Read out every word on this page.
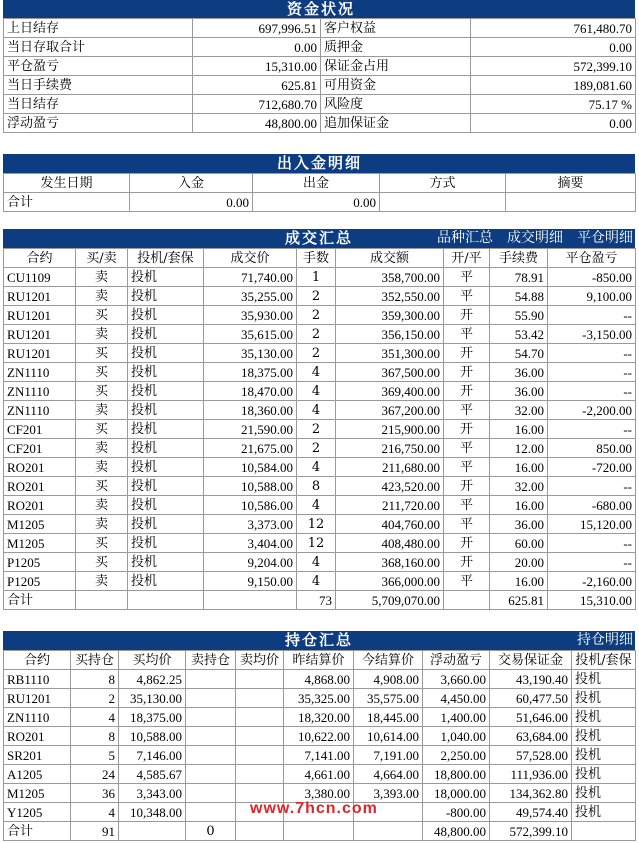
资金状况
上日结存	697,996.51	客户权益	761,480.70
当日存取合计	0.00	质押金	0.00
平仓盈亏	15,310.00	保证金占用	572,399.10
当日手续费	625.81	可用资金	189,081.60
当日结存	712,680.70	风险度	75.17 %
浮动盈亏	48,800.00	追加保证金	0.00
出入金明细
发生日期	入金	出金	方式	摘要
合计	0.00	0.00		
成交汇总	品种汇总 成交明细 平仓明细
合约	买/卖	投机/套保	成交价	手数	成交额	开/平	手续费	平仓盈亏
CU1109	卖	投机	71,740.00	1	358,700.00	平	78.91	-850.00
RU1201	卖	投机	35,255.00	2	352,550.00	平	54.88	9,100.00
RU1201	买	投机	35,930.00	2	359,300.00	开	55.90	--
RU1201	卖	投机	35,615.00	2	356,150.00	平	53.42	-3,150.00
RU1201	买	投机	35,130.00	2	351,300.00	开	54.70	--
ZN1110	买	投机	18,375.00	4	367,500.00	开	36.00	--
ZN1110	买	投机	18,470.00	4	369,400.00	开	36.00	--
ZN1110	卖	投机	18,360.00	4	367,200.00	平	32.00	-2,200.00
CF201	买	投机	21,590.00	2	215,900.00	开	16.00	--
CF201	卖	投机	21,675.00	2	216,750.00	平	12.00	850.00
RO201	卖	投机	10,584.00	4	211,680.00	平	16.00	-720.00
RO201	买	投机	10,588.00	8	423,520.00	开	32.00	--
RO201	卖	投机	10,586.00	4	211,720.00	平	16.00	-680.00
M1205	卖	投机	3,373.00	12	404,760.00	平	36.00	15,120.00
M1205	买	投机	3,404.00	12	408,480.00	开	60.00	--
P1205	买	投机	9,204.00	4	368,160.00	开	20.00	--
P1205	卖	投机	9,150.00	4	366,000.00	平	16.00	-2,160.00
合计				73	5,709,070.00		625.81	15,310.00
持仓汇总	持仓明细
合约	买持仓	买均价	卖持仓	卖均价	昨结算价	今结算价	浮动盈亏	交易保证金	投机/套保
RB1110	8	4,862.25			4,868.00	4,908.00	3,660.00	43,190.40	投机
RU1201	2	35,130.00			35,325.00	35,575.00	4,450.00	60,477.50	投机
ZN1110	4	18,375.00			18,320.00	18,445.00	1,400.00	51,646.00	投机
RO201	8	10,588.00			10,622.00	10,614.00	1,040.00	63,684.00	投机
SR201	5	7,146.00			7,141.00	7,191.00	2,250.00	57,528.00	投机
A1205	24	4,585.67			4,661.00	4,664.00	18,800.00	111,936.00	投机
M1205	36	3,343.00			3,380.00	3,393.00	18,000.00	134,362.80	投机
Y1205	4	10,348.00					-800.00	49,574.40	投机
合计	91		0				48,800.00	572,399.10	
www.7hcn.com
